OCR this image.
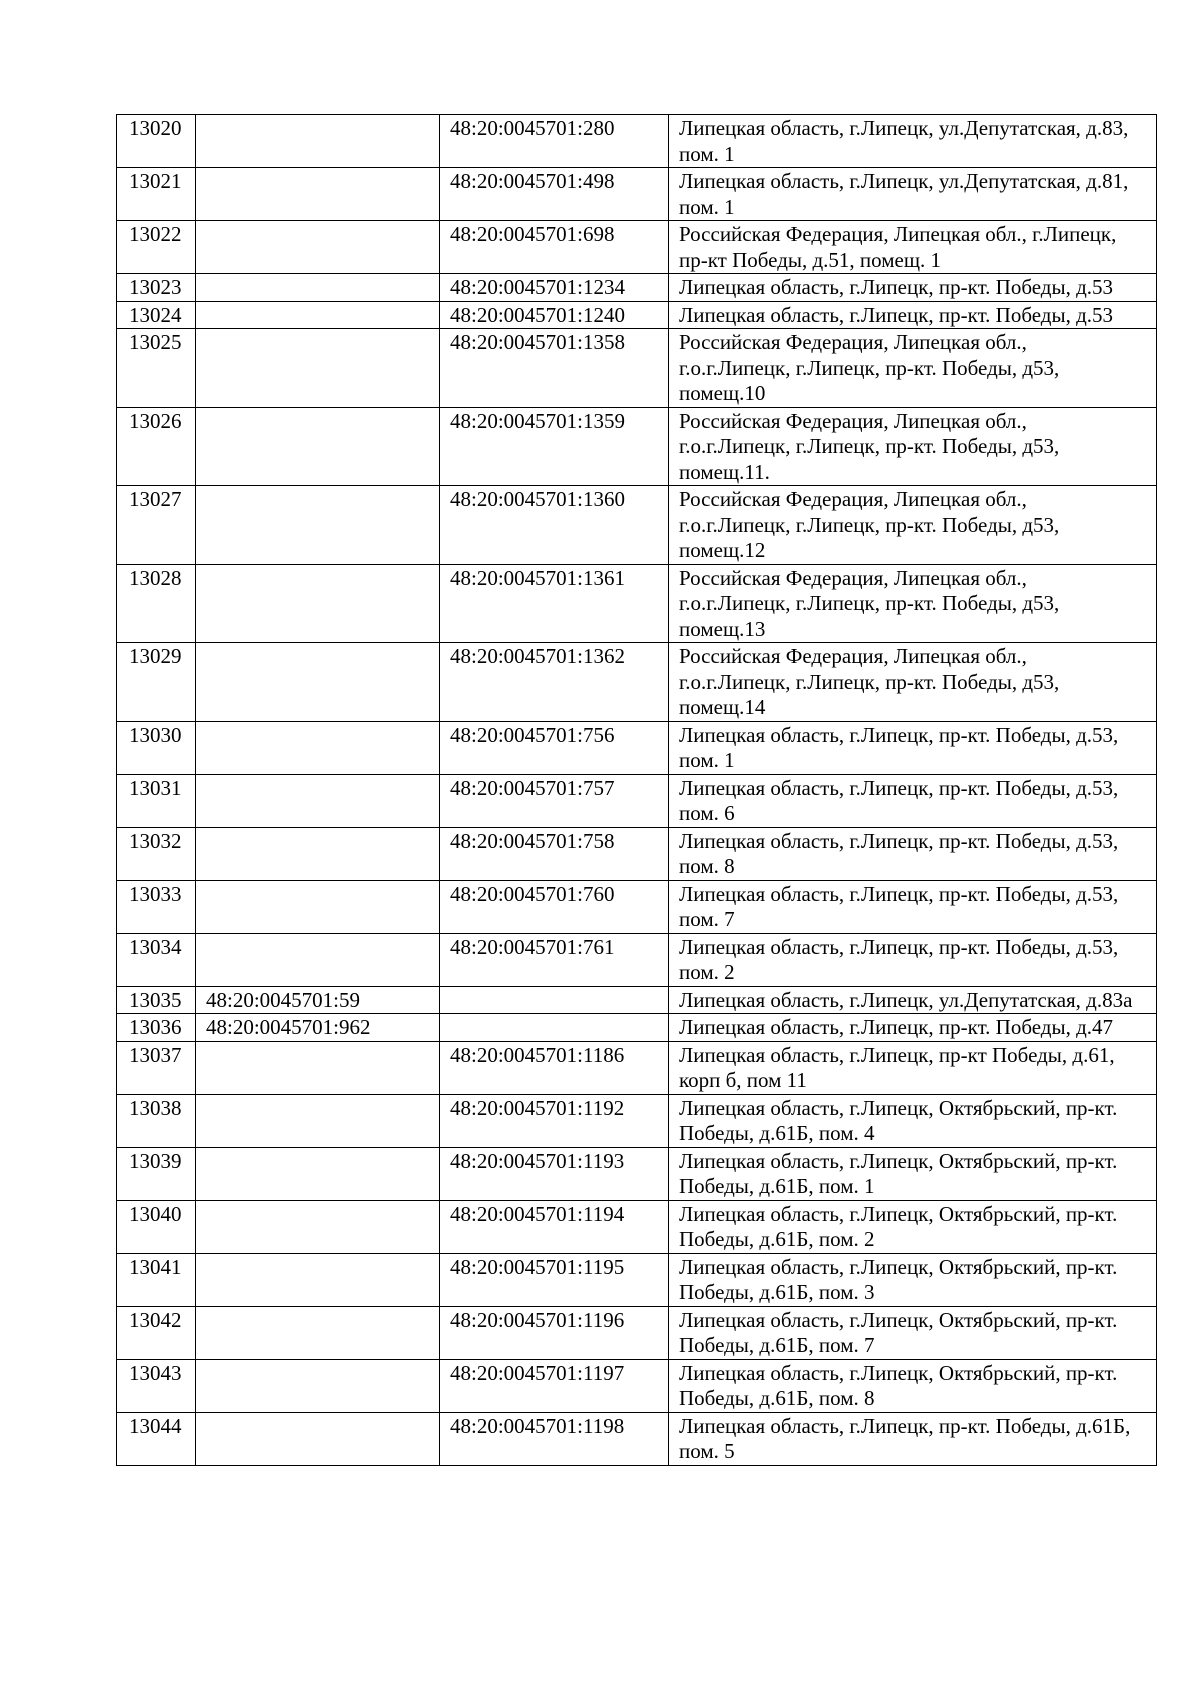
13020		48:20:0045701:280	Липецкая область, г.Липецк, ул.Депутатская, д.83, пом. 1
13021		48:20:0045701:498	Липецкая область, г.Липецк, ул.Депутатская, д.81, пом. 1
13022		48:20:0045701:698	Российская Федерация, Липецкая обл., г.Липецк, пр-кт Победы, д.51, помещ. 1
13023		48:20:0045701:1234	Липецкая область, г.Липецк, пр-кт. Победы, д.53
13024		48:20:0045701:1240	Липецкая область, г.Липецк, пр-кт. Победы, д.53
13025		48:20:0045701:1358	Российская Федерация, Липецкая обл., г.о.г.Липецк, г.Липецк, пр-кт. Победы, д53, помещ.10
13026		48:20:0045701:1359	Российская Федерация, Липецкая обл., г.о.г.Липецк, г.Липецк, пр-кт. Победы, д53, помещ.11.
13027		48:20:0045701:1360	Российская Федерация, Липецкая обл., г.о.г.Липецк, г.Липецк, пр-кт. Победы, д53, помещ.12
13028		48:20:0045701:1361	Российская Федерация, Липецкая обл., г.о.г.Липецк, г.Липецк, пр-кт. Победы, д53, помещ.13
13029		48:20:0045701:1362	Российская Федерация, Липецкая обл., г.о.г.Липецк, г.Липецк, пр-кт. Победы, д53, помещ.14
13030		48:20:0045701:756	Липецкая область, г.Липецк, пр-кт. Победы, д.53, пом. 1
13031		48:20:0045701:757	Липецкая область, г.Липецк, пр-кт. Победы, д.53, пом. 6
13032		48:20:0045701:758	Липецкая область, г.Липецк, пр-кт. Победы, д.53, пом. 8
13033		48:20:0045701:760	Липецкая область, г.Липецк, пр-кт. Победы, д.53, пом. 7
13034		48:20:0045701:761	Липецкая область, г.Липецк, пр-кт. Победы, д.53, пом. 2
13035	48:20:0045701:59		Липецкая область, г.Липецк, ул.Депутатская, д.83а
13036	48:20:0045701:962		Липецкая область, г.Липецк, пр-кт. Победы, д.47
13037		48:20:0045701:1186	Липецкая область, г.Липецк, пр-кт Победы, д.61, корп б, пом 11
13038		48:20:0045701:1192	Липецкая область, г.Липецк, Октябрьский, пр-кт. Победы, д.61Б, пом. 4
13039		48:20:0045701:1193	Липецкая область, г.Липецк, Октябрьский, пр-кт. Победы, д.61Б, пом. 1
13040		48:20:0045701:1194	Липецкая область, г.Липецк, Октябрьский, пр-кт. Победы, д.61Б, пом. 2
13041		48:20:0045701:1195	Липецкая область, г.Липецк, Октябрьский, пр-кт. Победы, д.61Б, пом. 3
13042		48:20:0045701:1196	Липецкая область, г.Липецк, Октябрьский, пр-кт. Победы, д.61Б, пом. 7
13043		48:20:0045701:1197	Липецкая область, г.Липецк, Октябрьский, пр-кт. Победы, д.61Б, пом. 8
13044		48:20:0045701:1198	Липецкая область, г.Липецк, пр-кт. Победы, д.61Б, пом. 5
